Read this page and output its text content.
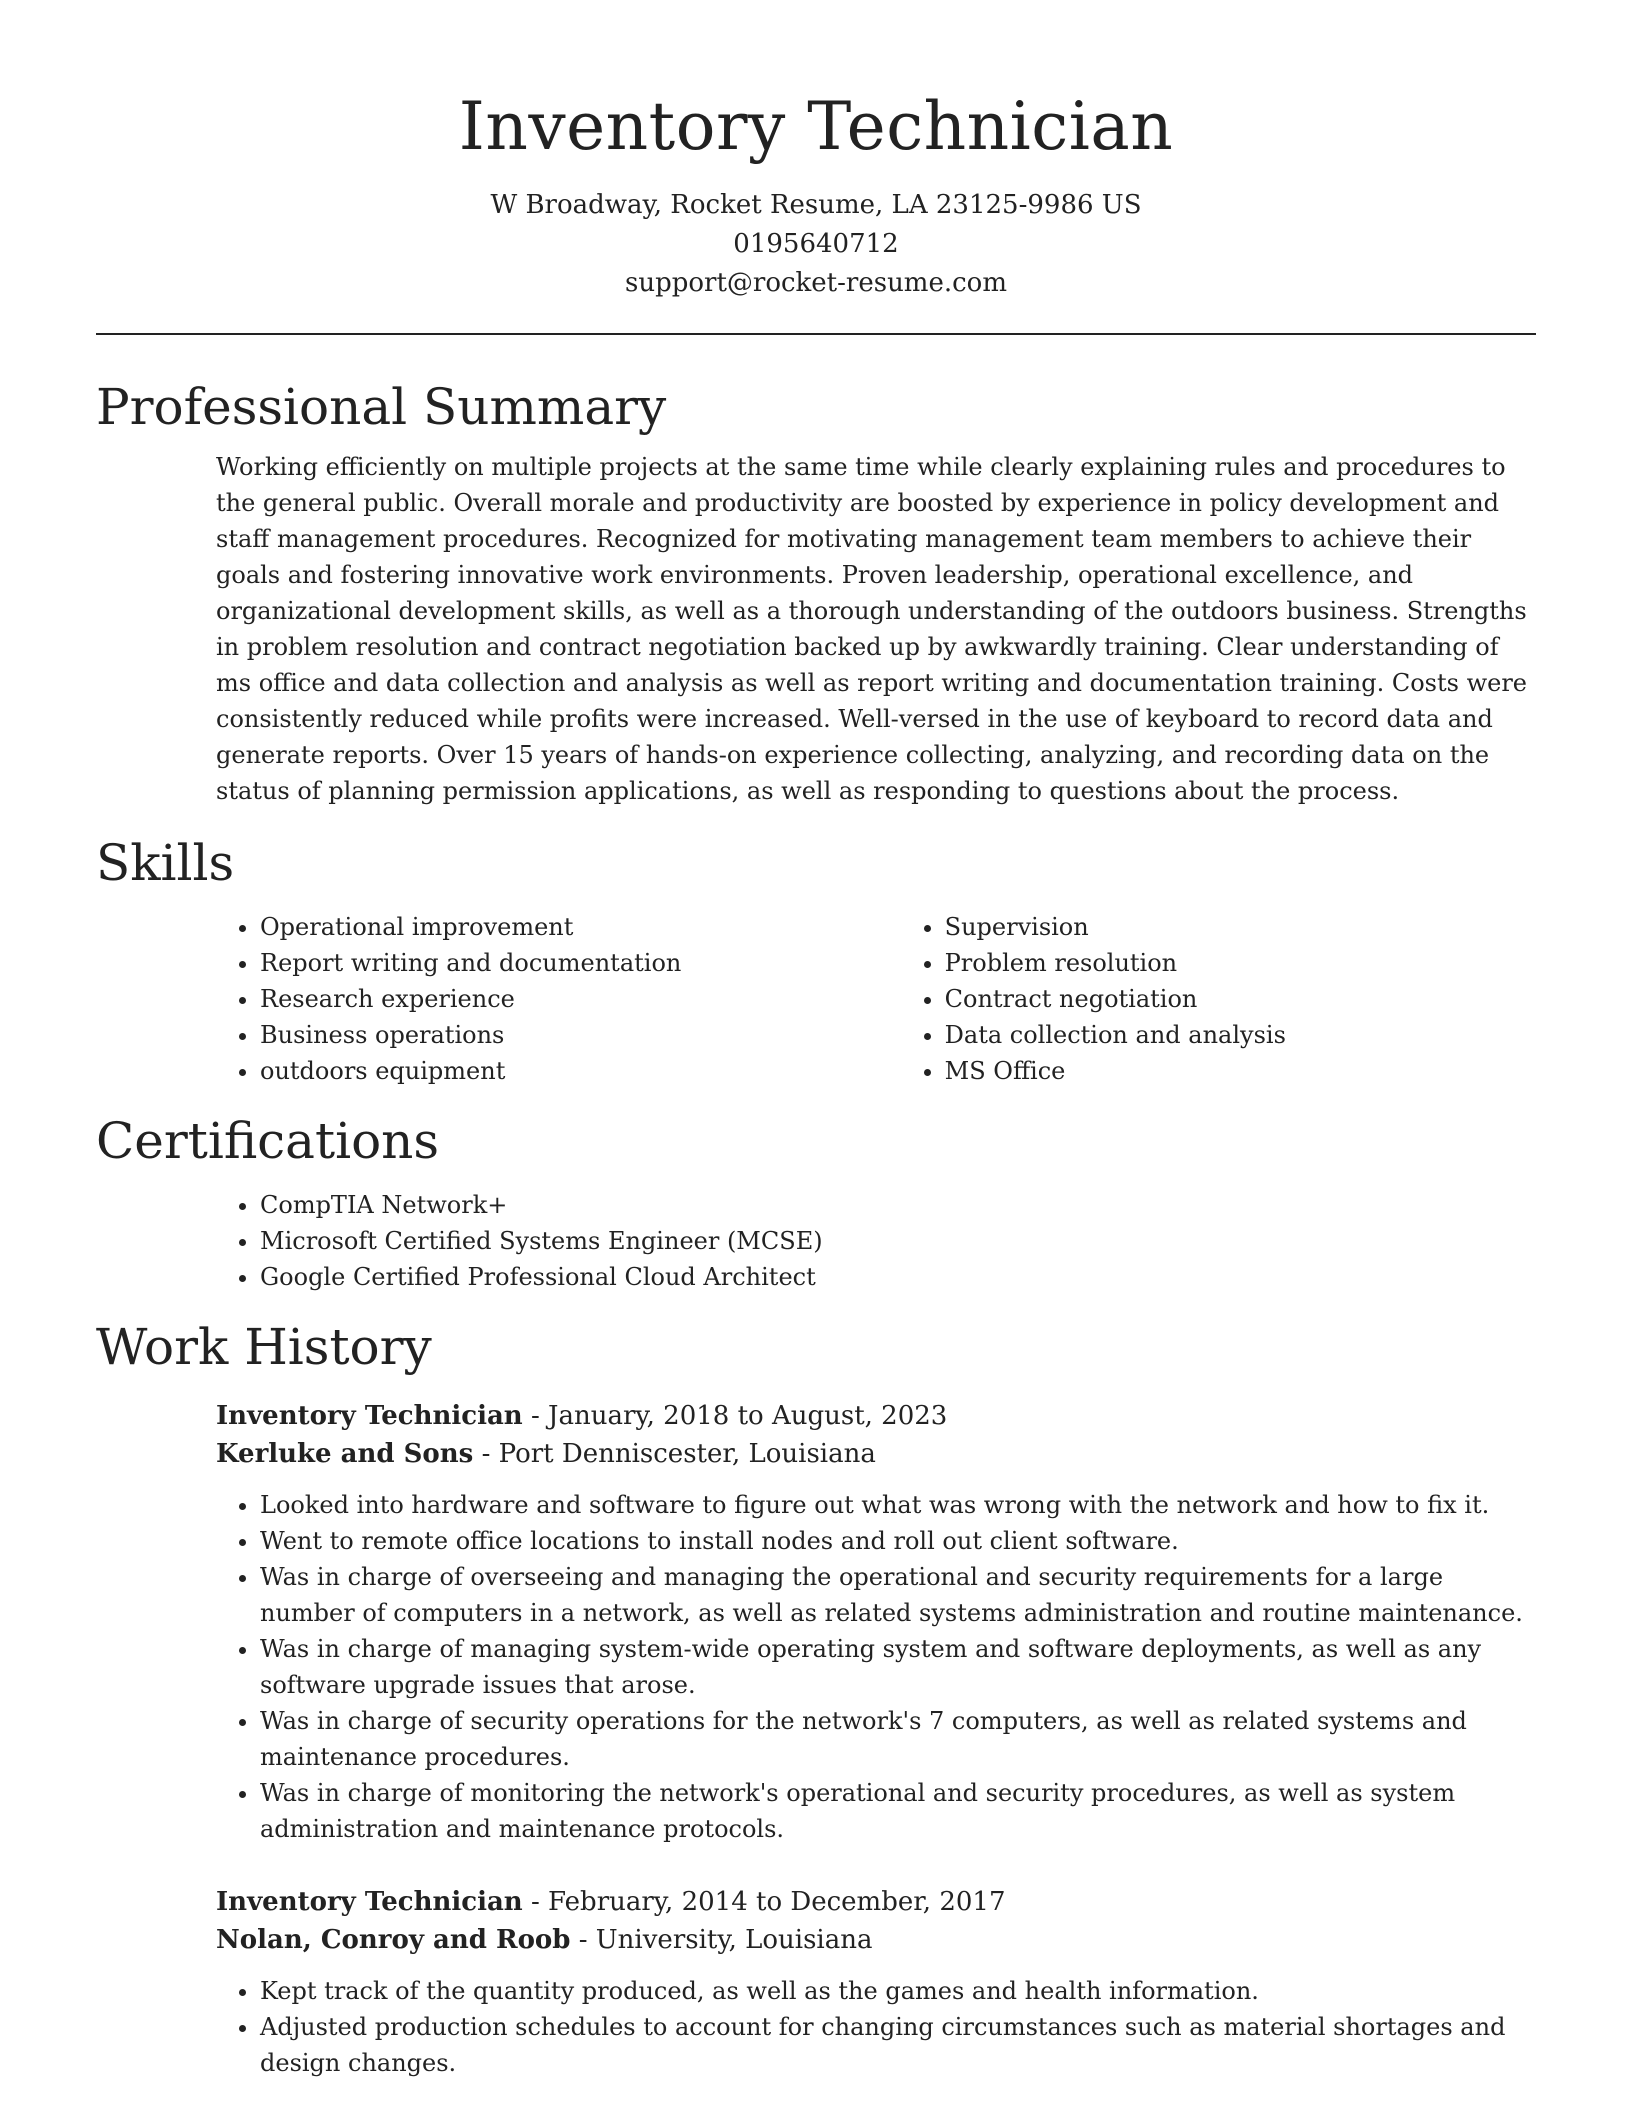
Inventory Technician
W Broadway, Rocket Resume, LA 23125-9986 US
0195640712
support@rocket-resume.com
Professional Summary
Working efficiently on multiple projects at the same time while clearly explaining rules and procedures to the general public. Overall morale and productivity are boosted by experience in policy development and staff management procedures. Recognized for motivating management team members to achieve their goals and fostering innovative work environments. Proven leadership, operational excellence, and organizational development skills, as well as a thorough understanding of the outdoors business. Strengths in problem resolution and contract negotiation backed up by awkwardly training. Clear understanding of ms office and data collection and analysis as well as report writing and documentation training. Costs were consistently reduced while profits were increased. Well-versed in the use of keyboard to record data and generate reports. Over 15 years of hands-on experience collecting, analyzing, and recording data on the status of planning permission applications, as well as responding to questions about the process.
Skills
• Operational improvement
• Report writing and documentation
• Research experience
• Business operations
• outdoors equipment
• Supervision
• Problem resolution
• Contract negotiation
• Data collection and analysis
• MS Office
Certifications
• CompTIA Network+
• Microsoft Certified Systems Engineer (MCSE)
• Google Certified Professional Cloud Architect
Work History
Inventory Technician - January, 2018 to August, 2023
Kerluke and Sons - Port Denniscester, Louisiana
• Looked into hardware and software to figure out what was wrong with the network and how to fix it.
• Went to remote office locations to install nodes and roll out client software.
• Was in charge of overseeing and managing the operational and security requirements for a large number of computers in a network, as well as related systems administration and routine maintenance.
• Was in charge of managing system-wide operating system and software deployments, as well as any software upgrade issues that arose.
• Was in charge of security operations for the network's 7 computers, as well as related systems and maintenance procedures.
• Was in charge of monitoring the network's operational and security procedures, as well as system administration and maintenance protocols.
Inventory Technician - February, 2014 to December, 2017
Nolan, Conroy and Roob - University, Louisiana
• Kept track of the quantity produced, as well as the games and health information.
• Adjusted production schedules to account for changing circumstances such as material shortages and design changes.
